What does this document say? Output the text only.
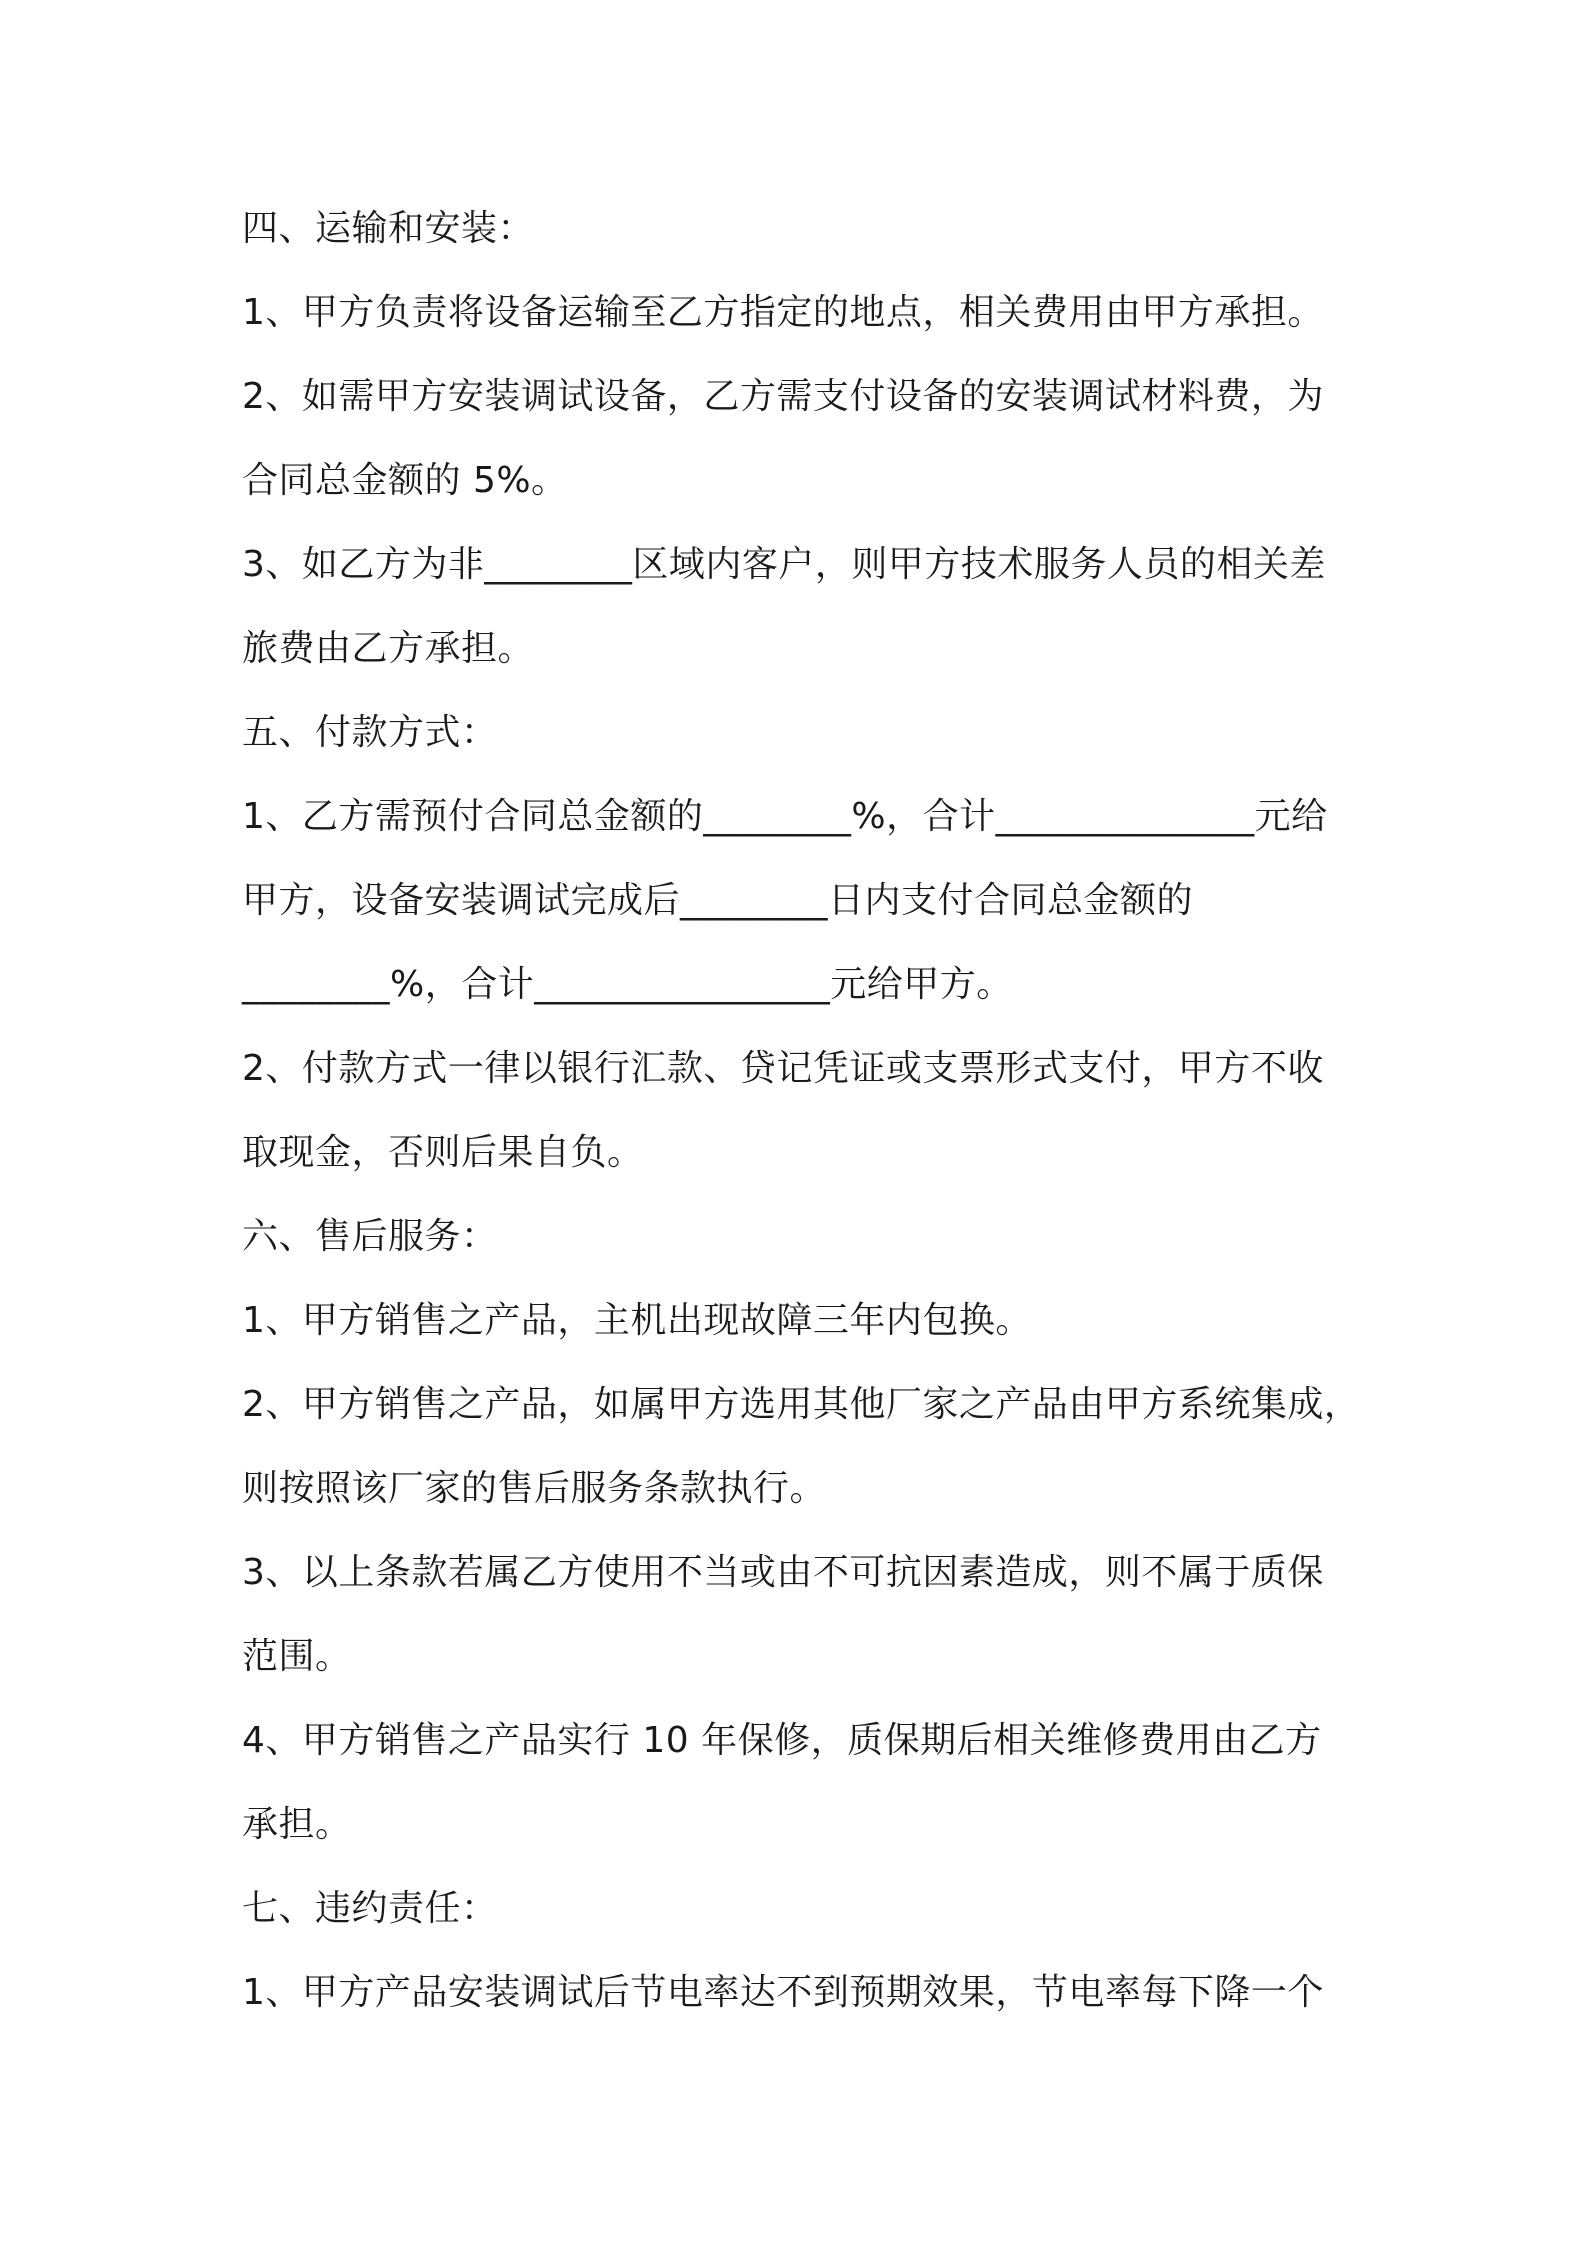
四、运输和安装：
1、甲方负责将设备运输至乙方指定的地点，相关费用由甲方承担。
2、如需甲方安装调试设备，乙方需支付设备的安装调试材料费，为
合同总金额的 5%。
3、如乙方为非________区域内客户，则甲方技术服务人员的相关差
旅费由乙方承担。
五、付款方式：
1、乙方需预付合同总金额的________%，合计______________元给
甲方，设备安装调试完成后________日内支付合同总金额的
________%，合计________________元给甲方。
2、付款方式一律以银行汇款、贷记凭证或支票形式支付，甲方不收
取现金，否则后果自负。
六、售后服务：
1、甲方销售之产品，主机出现故障三年内包换。
2、甲方销售之产品，如属甲方选用其他厂家之产品由甲方系统集成，
则按照该厂家的售后服务条款执行。
3、以上条款若属乙方使用不当或由不可抗因素造成，则不属于质保
范围。
4、甲方销售之产品实行 10 年保修，质保期后相关维修费用由乙方
承担。
七、违约责任：
1、甲方产品安装调试后节电率达不到预期效果，节电率每下降一个
